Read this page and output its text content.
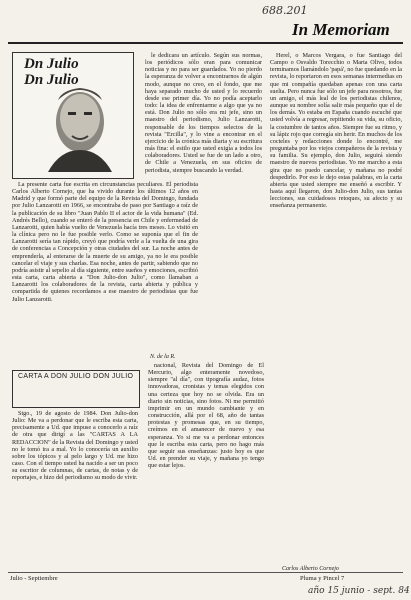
688.201
In Memoriam
Dn Julio
Dn Julio

La presente carta fue escrita en circunstancias peculiares. El periodista Carlos Alberto Cornejo, que ha vivido durante los últimos 12 años en Madrid y que formó parte del equipo de la Revista del Domingo, fundada por Julio Lanzarotti en 1966, se encontraba de paso por Santiago a raíz de la publicación de su libro "Juan Pablo II el actor de la vida humana" (Ed. Andrés Bello), cuando se enteró de la presencia en Chile y enfermedad de Lanzarotti, quien había vuelto de Venezuela hacía tres meses. Lo visitó en la clínica pero no le fue posible verlo. Como se suponía que el fin de Lanzarotti sería tan rápido, creyó que podría verle a la vuelta de una gira de conferencias a Concepción y otras ciudades del sur. La noche antes de emprenderla, al enterarse de la muerte de su amigo, ya no le era posible cancelar el viaje y sus charlas. Esa noche, antes de partir, sabiendo que no podría asistir al sepelio al día siguiente, entre sueños y emociones, escribió esta carta, carta abierta a "Don Julio-don Julio", como llamaban a Lanzarotti los colaboradores de la revista, carta abierta y pública y compartida de quienes recordamos a ese maestro de periodistas que fue Julio Lanzarotti.

N. de la R.

le dedicara un artículo. Según sus normas, los periódicos sólo eran para comunicar noticias y no para ser guardados. Yo no pierdo la esperanza de volver a encontrarnos de algún modo, aunque no creo, en el fondo, que me haya separado mucho de usted y lo recuerdo desde ese primer día. Yo no podía aceptarlo todo: la idea de enfrentarme a algo que ya no está. Don Julio no sólo era mi jefe, sino un maestro del periodismo, Julio Lanzarotti, responsable de los tiempos selectos de la revista "Ercilla", y lo vine a encontrar en el ejercicio de la crónica más diaria y su escritura más fina: el estilo que usted exigía a todos los colaboradores. Usted se fue de un lado a otro, de Chile a Venezuela, en sus oficios de periodista, siempre buscando la verdad.

CARTA A DON JULIO DON JULIO

Stgo., 19 de agosto de 1984. Don Julio-don Julio: Me va a perdonar que le escriba esta carta, precisamente a Ud. que impuse a conocerlo a raíz de otra que dirigí a las "CARTAS A LA REDACCION" de la Revista del Domingo y usted no le tomó ira a mal. Yo lo conocería un auxilio sobre los tópicos y al pelo largo y Ud. me hizo caso. Con el tiempo usted ha nacido a ser un poco su escritor de columnas, de cartas, de notas y de reportajes, e hizo del periodismo su modo de vivir.

nacional, Revista del Domingo de El Mercurio, algo enteramente novedoso, siempre "al día", con tipografía audaz, fotos innovadoras, cronistas y temas elegidos con una certeza que hoy no se olvida. Era un diario sin noticias, sino fotos. Ni me permitió imprimir en un mundo cambiante y en construcción, allá por el 68, año de tantas protestas y promesas que, en su tiempo, creímos en el amanecer de nuevo y esa esperanza. Yo si me va a perdonar entonces que le escriba esta carta, pero no hago más que seguir sus enseñanzas: justo hoy es que Ud. en prender su viaje, y mañana yo tengo que estar lejos.

Herel, o Marcos Vergara, o fue Santiago del Campo o Osvaldo Torecchio o Marta Olivo, todos terminamos llamándolo 'papá', no fue quedando en la revista, lo reportaron en esos semanas intermedias en que mi compañía quedaban apenas con una carta suelta. Pero nunca fue sólo un jefe para nosotros, fue un amigo, el más leal de los periodistas chilenos, aunque su nombre solía salir más pequeño que el de los demás. Yo estaba en España cuando escuché que usted volvía a regresar, repitiendo su vida, su oficio, la costumbre de tantos años. Siempre fue su ritmo, y su lápiz rojo que corregía sin herir. En muchos de los cocteles y redacciones donde lo encontré, me preguntaba por los viejos compañeros de la revista y su familia. Su ejemplo, don Julio, seguirá siendo maestro de nuevos periodistas. Yo me marcho a esta gira que no puedo cancelar, y mañana no podré despedirlo. Por eso le dejo estas palabras, en la carta abierta que usted siempre me enseñó a escribir. Y hasta aquí llegaron, don Julio-don Julio, sus tantas lecciones, sus cuidadosos retoques, su afecto y su enseñanza permanente.

Carlos Alberto Cornejo
Julio - Septiembre	Pluma y Pincel 7
año 15 junio - sept. 84
